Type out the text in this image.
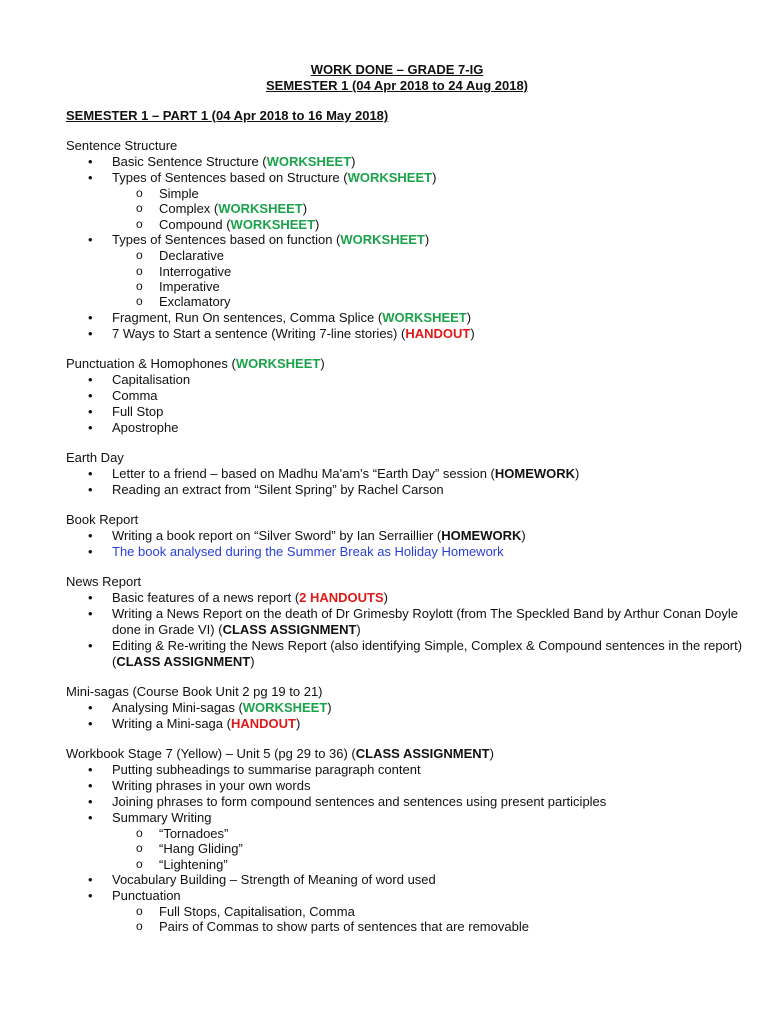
WORK DONE – GRADE 7-IG
SEMESTER 1 (04 Apr 2018 to 24 Aug 2018)
SEMESTER 1 – PART 1 (04 Apr 2018 to 16 May 2018)
Sentence Structure
• Basic Sentence Structure (WORKSHEET)
• Types of Sentences based on Structure (WORKSHEET)
o Simple
o Complex (WORKSHEET)
o Compound (WORKSHEET)
• Types of Sentences based on function (WORKSHEET)
o Declarative
o Interrogative
o Imperative
o Exclamatory
• Fragment, Run On sentences, Comma Splice (WORKSHEET)
• 7 Ways to Start a sentence (Writing 7-line stories) (HANDOUT)
Punctuation & Homophones (WORKSHEET)
• Capitalisation
• Comma
• Full Stop
• Apostrophe
Earth Day
• Letter to a friend – based on Madhu Ma'am's “Earth Day” session (HOMEWORK)
• Reading an extract from “Silent Spring” by Rachel Carson
Book Report
• Writing a book report on “Silver Sword” by Ian Serraillier (HOMEWORK)
• The book analysed during the Summer Break as Holiday Homework
News Report
• Basic features of a news report (2 HANDOUTS)
• Writing a News Report on the death of Dr Grimesby Roylott (from The Speckled Band by Arthur Conan Doyle done in Grade VI) (CLASS ASSIGNMENT)
• Editing & Re-writing the News Report (also identifying Simple, Complex & Compound sentences in the report) (CLASS ASSIGNMENT)
Mini-sagas (Course Book Unit 2 pg 19 to 21)
• Analysing Mini-sagas (WORKSHEET)
• Writing a Mini-saga (HANDOUT)
Workbook Stage 7 (Yellow) – Unit 5 (pg 29 to 36) (CLASS ASSIGNMENT)
• Putting subheadings to summarise paragraph content
• Writing phrases in your own words
• Joining phrases to form compound sentences and sentences using present participles
• Summary Writing
o “Tornadoes”
o “Hang Gliding”
o “Lightening”
• Vocabulary Building – Strength of Meaning of word used
• Punctuation
o Full Stops, Capitalisation, Comma
o Pairs of Commas to show parts of sentences that are removable
